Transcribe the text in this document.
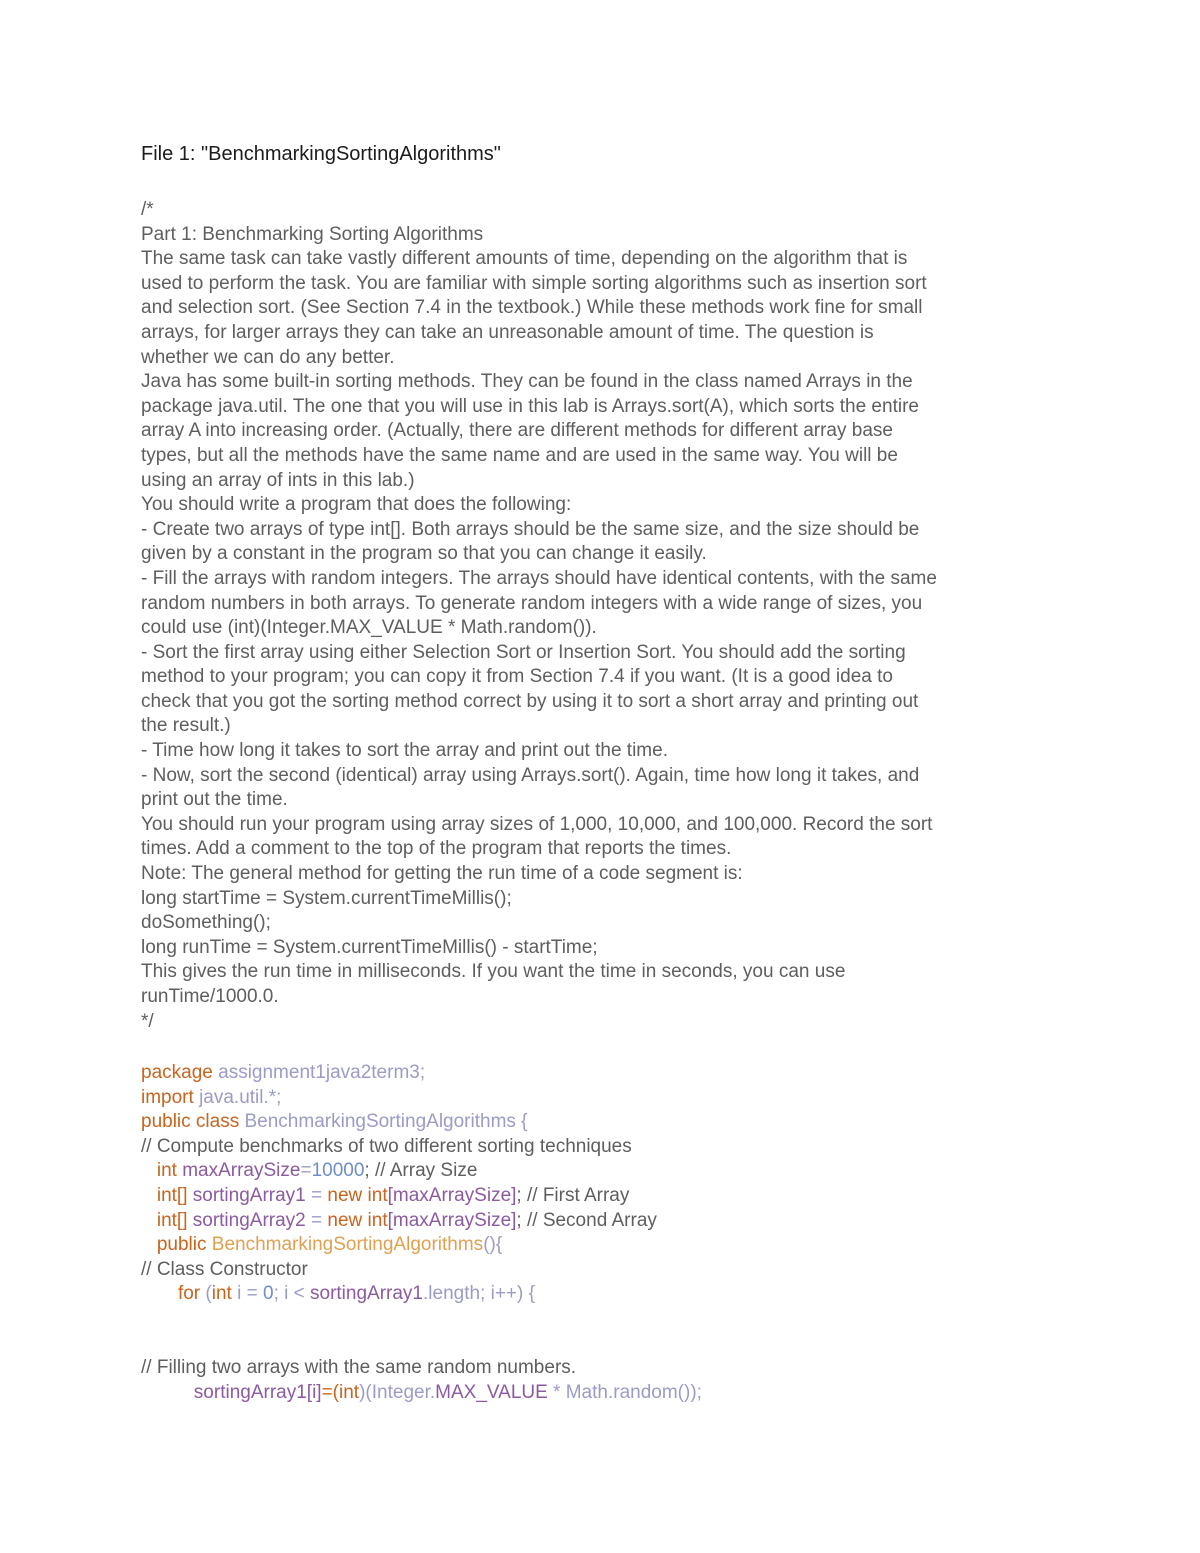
File 1: "BenchmarkingSortingAlgorithms"
/*
Part 1: Benchmarking Sorting Algorithms
The same task can take vastly different amounts of time, depending on the algorithm that is
used to perform the task. You are familiar with simple sorting algorithms such as insertion sort
and selection sort. (See Section 7.4 in the textbook.) While these methods work fine for small
arrays, for larger arrays they can take an unreasonable amount of time. The question is
whether we can do any better.
Java has some built-in sorting methods. They can be found in the class named Arrays in the
package java.util. The one that you will use in this lab is Arrays.sort(A), which sorts the entire
array A into increasing order. (Actually, there are different methods for different array base
types, but all the methods have the same name and are used in the same way. You will be
using an array of ints in this lab.)
You should write a program that does the following:
- Create two arrays of type int[]. Both arrays should be the same size, and the size should be
given by a constant in the program so that you can change it easily.
- Fill the arrays with random integers. The arrays should have identical contents, with the same
random numbers in both arrays. To generate random integers with a wide range of sizes, you
could use (int)(Integer.MAX_VALUE * Math.random()).
- Sort the first array using either Selection Sort or Insertion Sort. You should add the sorting
method to your program; you can copy it from Section 7.4 if you want. (It is a good idea to
check that you got the sorting method correct by using it to sort a short array and printing out
the result.)
- Time how long it takes to sort the array and print out the time.
- Now, sort the second (identical) array using Arrays.sort(). Again, time how long it takes, and
print out the time.
You should run your program using array sizes of 1,000, 10,000, and 100,000. Record the sort
times. Add a comment to the top of the program that reports the times.
Note: The general method for getting the run time of a code segment is:
long startTime = System.currentTimeMillis();
doSomething();
long runTime = System.currentTimeMillis() - startTime;
This gives the run time in milliseconds. If you want the time in seconds, you can use
runTime/1000.0.
*/
package assignment1java2term3;
import java.util.*;
public class BenchmarkingSortingAlgorithms {
// Compute benchmarks of two different sorting techniques
int maxArraySize=10000; // Array Size
int[] sortingArray1 = new int[maxArraySize]; // First Array
int[] sortingArray2 = new int[maxArraySize]; // Second Array
public BenchmarkingSortingAlgorithms(){
// Class Constructor
for (int i = 0; i < sortingArray1.length; i++) {
// Filling two arrays with the same random numbers.
sortingArray1[i]=(int)(Integer.MAX_VALUE * Math.random());
